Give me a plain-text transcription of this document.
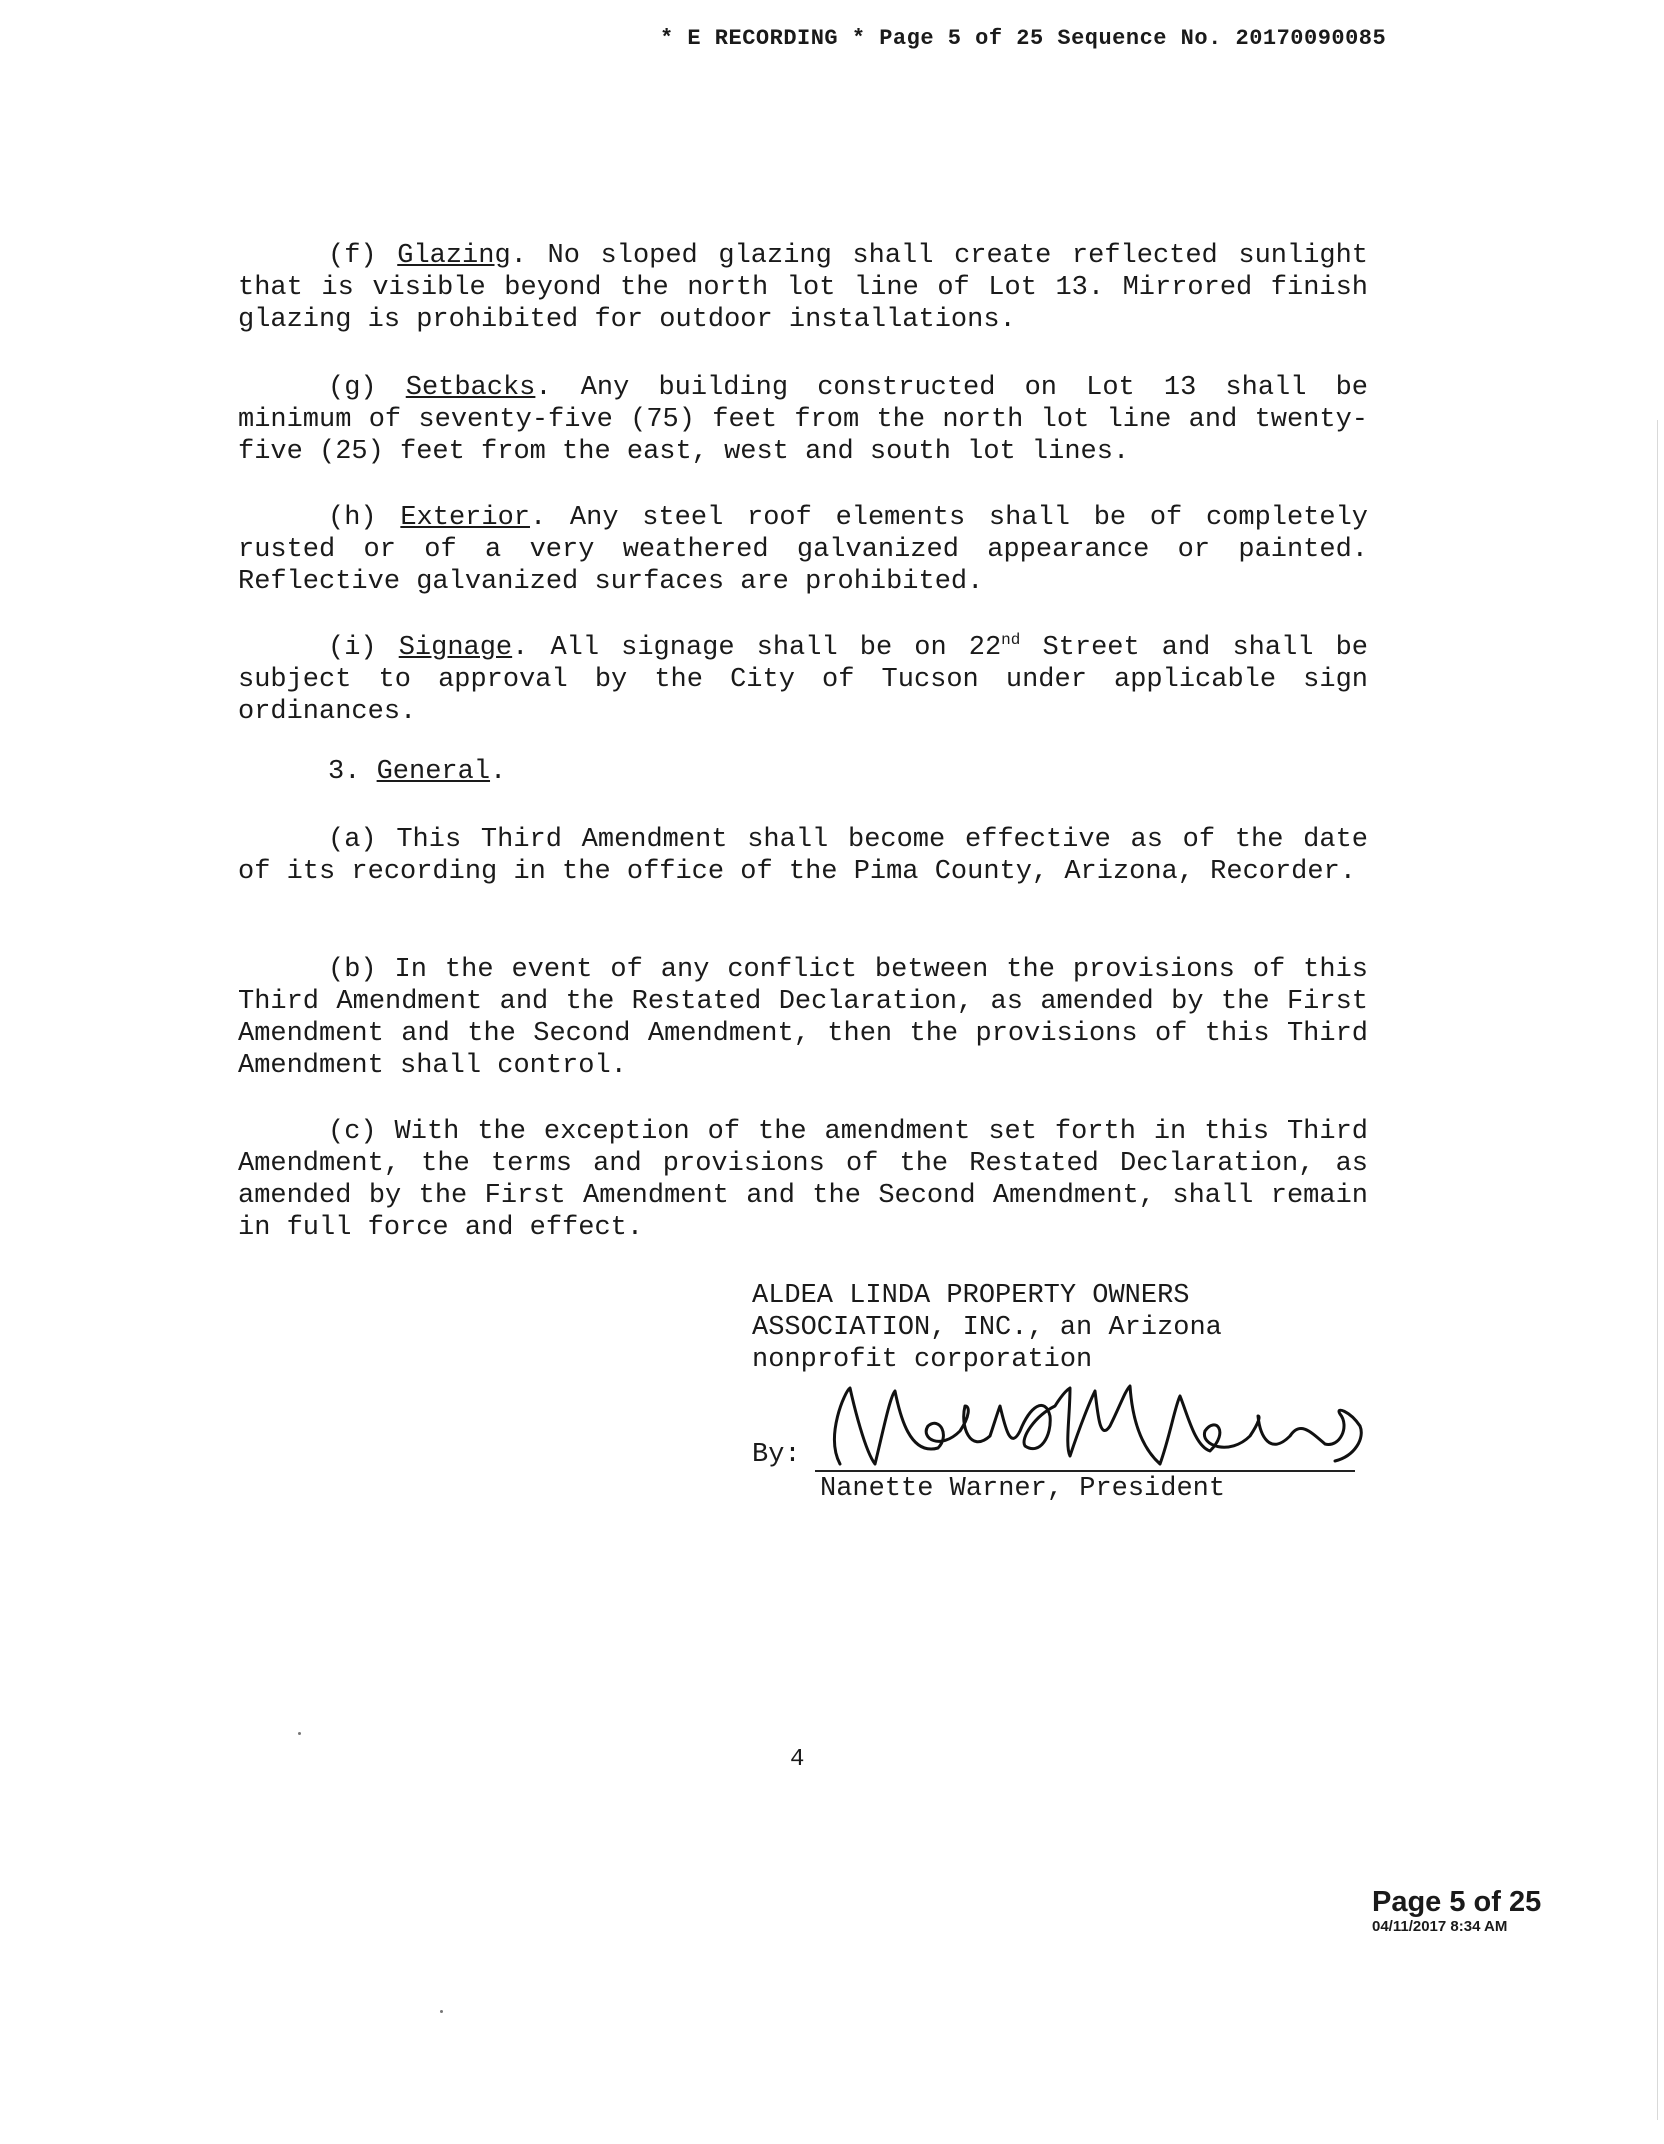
* E RECORDING * Page 5 of 25 Sequence No. 20170090085
(f) Glazing. No sloped glazing shall create reflected sunlight that is visible beyond the north lot line of Lot 13. Mirrored finish glazing is prohibited for outdoor installations.
(g) Setbacks. Any building constructed on Lot 13 shall be minimum of seventy-five (75) feet from the north lot line and twenty-five (25) feet from the east, west and south lot lines.
(h) Exterior. Any steel roof elements shall be of completely rusted or of a very weathered galvanized appearance or painted. Reflective galvanized surfaces are prohibited.
(i) Signage. All signage shall be on 22nd Street and shall be subject to approval by the City of Tucson under applicable sign ordinances.
3. General.
(a) This Third Amendment shall become effective as of the date of its recording in the office of the Pima County, Arizona, Recorder.
(b) In the event of any conflict between the provisions of this Third Amendment and the Restated Declaration, as amended by the First Amendment and the Second Amendment, then the provisions of this Third Amendment shall control.
(c) With the exception of the amendment set forth in this Third Amendment, the terms and provisions of the Restated Declaration, as amended by the First Amendment and the Second Amendment, shall remain in full force and effect.
ALDEA LINDA PROPERTY OWNERS
ASSOCIATION, INC., an Arizona
nonprofit corporation
By:
Nanette Warner, President
4
Page 5 of 25
04/11/2017 8:34 AM
